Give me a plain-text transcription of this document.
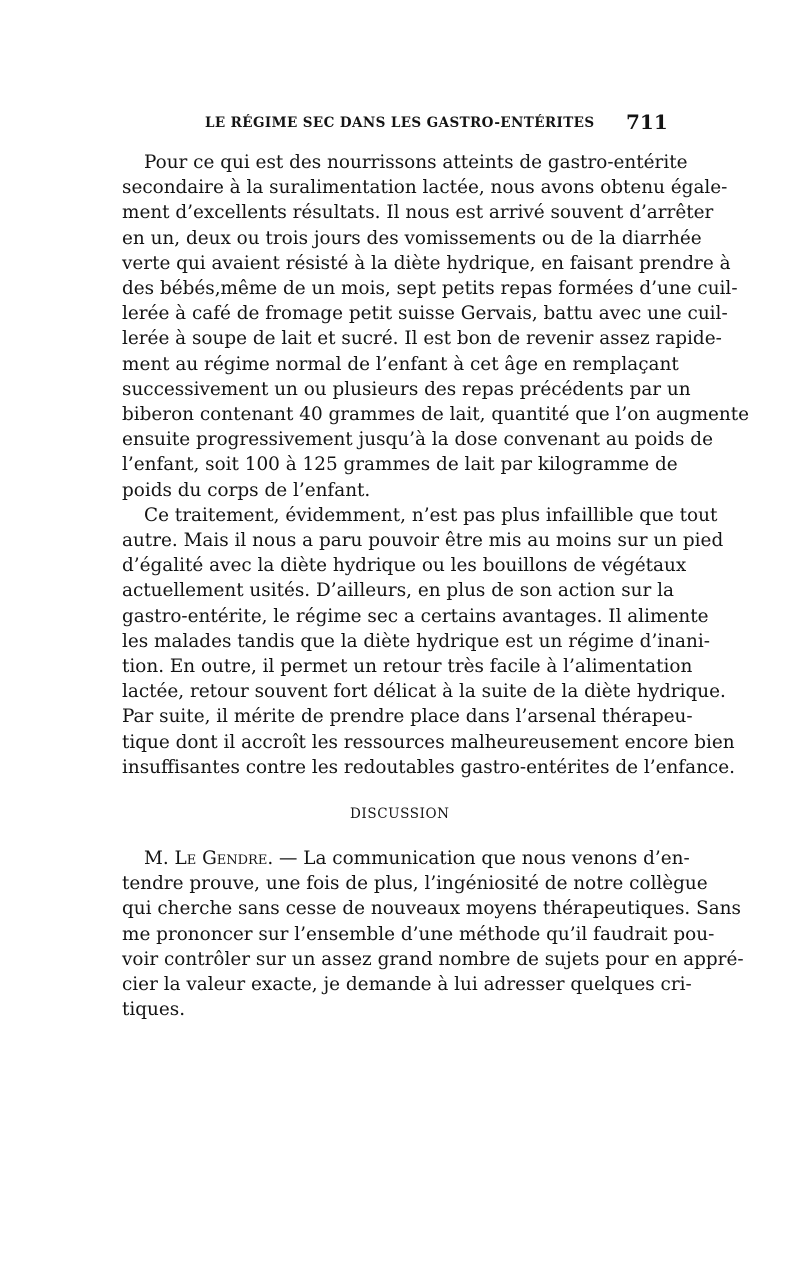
LE RÉGIME SEC DANS LES GASTRO-ENTÉRITES	711
Pour ce qui est des nourrissons atteints de gastro-entérite
secondaire à la suralimentation lactée, nous avons obtenu égale-
ment d’excellents résultats. Il nous est arrivé souvent d’arrêter
en un, deux ou trois jours des vomissements ou de la diarrhée
verte qui avaient résisté à la diète hydrique, en faisant prendre à
des bébés,même de un mois, sept petits repas formées d’une cuil-
lerée à café de fromage petit suisse Gervais, battu avec une cuil-
lerée à soupe de lait et sucré. Il est bon de revenir assez rapide-
ment au régime normal de l’enfant à cet âge en remplaçant
successivement un ou plusieurs des repas précédents par un
biberon contenant 40 grammes de lait, quantité que l’on augmente
ensuite progressivement jusqu’à la dose convenant au poids de
l’enfant, soit 100 à 125 grammes de lait par kilogramme de
poids du corps de l’enfant.
Ce traitement, évidemment, n’est pas plus infaillible que tout
autre. Mais il nous a paru pouvoir être mis au moins sur un pied
d’égalité avec la diète hydrique ou les bouillons de végétaux
actuellement usités. D’ailleurs, en plus de son action sur la
gastro-entérite, le régime sec a certains avantages. Il alimente
les malades tandis que la diète hydrique est un régime d’inani-
tion. En outre, il permet un retour très facile à l’alimentation
lactée, retour souvent fort délicat à la suite de la diète hydrique.
Par suite, il mérite de prendre place dans l’arsenal thérapeu-
tique dont il accroît les ressources malheureusement encore bien
insuffisantes contre les redoutables gastro-entérites de l’enfance.
DISCUSSION
M. Le Gendre. — La communication que nous venons d’en-
tendre prouve, une fois de plus, l’ingéniosité de notre collègue
qui cherche sans cesse de nouveaux moyens thérapeutiques. Sans
me prononcer sur l’ensemble d’une méthode qu’il faudrait pou-
voir contrôler sur un assez grand nombre de sujets pour en appré-
cier la valeur exacte, je demande à lui adresser quelques cri-
tiques.
